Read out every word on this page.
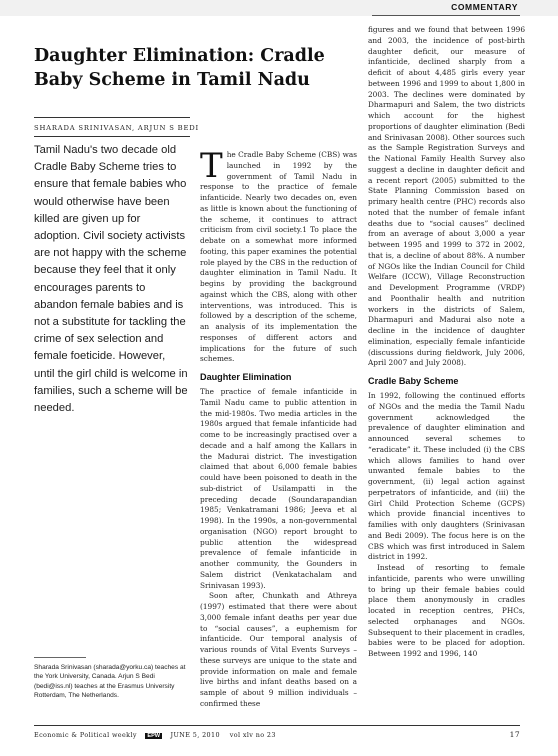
COMMENTARY
Daughter Elimination: Cradle Baby Scheme in Tamil Nadu
SHARADA SRINIVASAN, ARJUN S BEDI

Tamil Nadu's two decade old Cradle Baby Scheme tries to ensure that female babies who would otherwise have been killed are given up for adoption. Civil society activists are not happy with the scheme because they feel that it only encourages parents to abandon female babies and is not a substitute for tackling the crime of sex selection and female foeticide. However, until the girl child is welcome in families, such a scheme will be needed.

Sharada Srinivasan (sharada@yorku.ca) teaches at the York University, Canada. Arjun S Bedi (bedi@iss.nl) teaches at the Erasmus University Rotterdam, The Netherlands.

The Cradle Baby Scheme (CBS) was launched in 1992 by the government of Tamil Nadu in response to the practice of female infanticide. Nearly two decades on, even as little is known about the functioning of the scheme, it continues to attract criticism from civil society.1 To place the debate on a somewhat more informed footing, this paper examines the potential role played by the CBS in the reduction of daughter elimination in Tamil Nadu. It begins by providing the background against which the CBS, along with other interventions, was introduced. This is followed by a description of the scheme, an analysis of its implementation the responses of different actors and implications for the future of such schemes.

Daughter Elimination

The practice of female infanticide in Tamil Nadu came to public attention in the mid-1980s. Two media articles in the 1980s argued that female infanticide had come to be increasingly practised over a decade and a half among the Kallars in the Madurai district. The investigation claimed that about 6,000 female babies could have been poisoned to death in the sub-district of Usilampatti in the preceding decade (Soundarapandian 1985; Venkatramani 1986; Jeeva et al 1998). In the 1990s, a non-governmental organisation (NGO) report brought to public attention the widespread prevalence of female infanticide in another community, the Gounders in Salem district (Venkatachalam and Srinivasan 1993).

Soon after, Chunkath and Athreya (1997) estimated that there were about 3,000 female infant deaths per year due to “social causes”, a euphemism for infanticide. Our temporal analysis of various rounds of Vital Events Surveys – these surveys are unique to the state and provide information on male and female live births and infant deaths based on a sample of about 9 million individuals – confirmed these

figures and we found that between 1996 and 2003, the incidence of post-birth daughter deficit, our measure of infanticide, declined sharply from a deficit of about 4,485 girls every year between 1996 and 1999 to about 1,800 in 2003. The declines were dominated by Dharmapuri and Salem, the two districts which account for the highest proportions of daughter elimination (Bedi and Srinivasan 2008). Other sources such as the Sample Registration Surveys and the National Family Health Survey also suggest a decline in daughter deficit and a recent report (2005) submitted to the State Planning Commission based on primary health centre (PHC) records also noted that the number of female infant deaths due to “social causes” declined from an average of about 3,000 a year between 1995 and 1999 to 372 in 2002, that is, a decline of about 88%. A number of NGOs like the Indian Council for Child Welfare (ICCW), Village Reconstruction and Development Programme (VRDP) and Poonthalir health and nutrition workers in the districts of Salem, Dharmapuri and Madurai also note a decline in the incidence of daughter elimination, especially female infanticide (discussions during fieldwork, July 2006, April 2007 and July 2008).

Cradle Baby Scheme

In 1992, following the continued efforts of NGOs and the media the Tamil Nadu government acknowledged the prevalence of daughter elimination and announced several schemes to “eradicate” it. These included (i) the CBS which allows families to hand over unwanted female babies to the government, (ii) legal action against perpetrators of infanticide, and (iii) the Girl Child Protection Scheme (GCPS) which provide financial incentives to families with only daughters (Srinivasan and Bedi 2009). The focus here is on the CBS which was first introduced in Salem district in 1992.

Instead of resorting to female infanticide, parents who were unwilling to bring up their female babies could place them anonymously in cradles located in reception centres, PHCs, selected orphanages and NGOs. Subsequent to their placement in cradles, babies were to be placed for adoption. Between 1992 and 1996, 140

Economic & Political weekly EPW JUNE 5, 2010 vol xlv no 23	17
